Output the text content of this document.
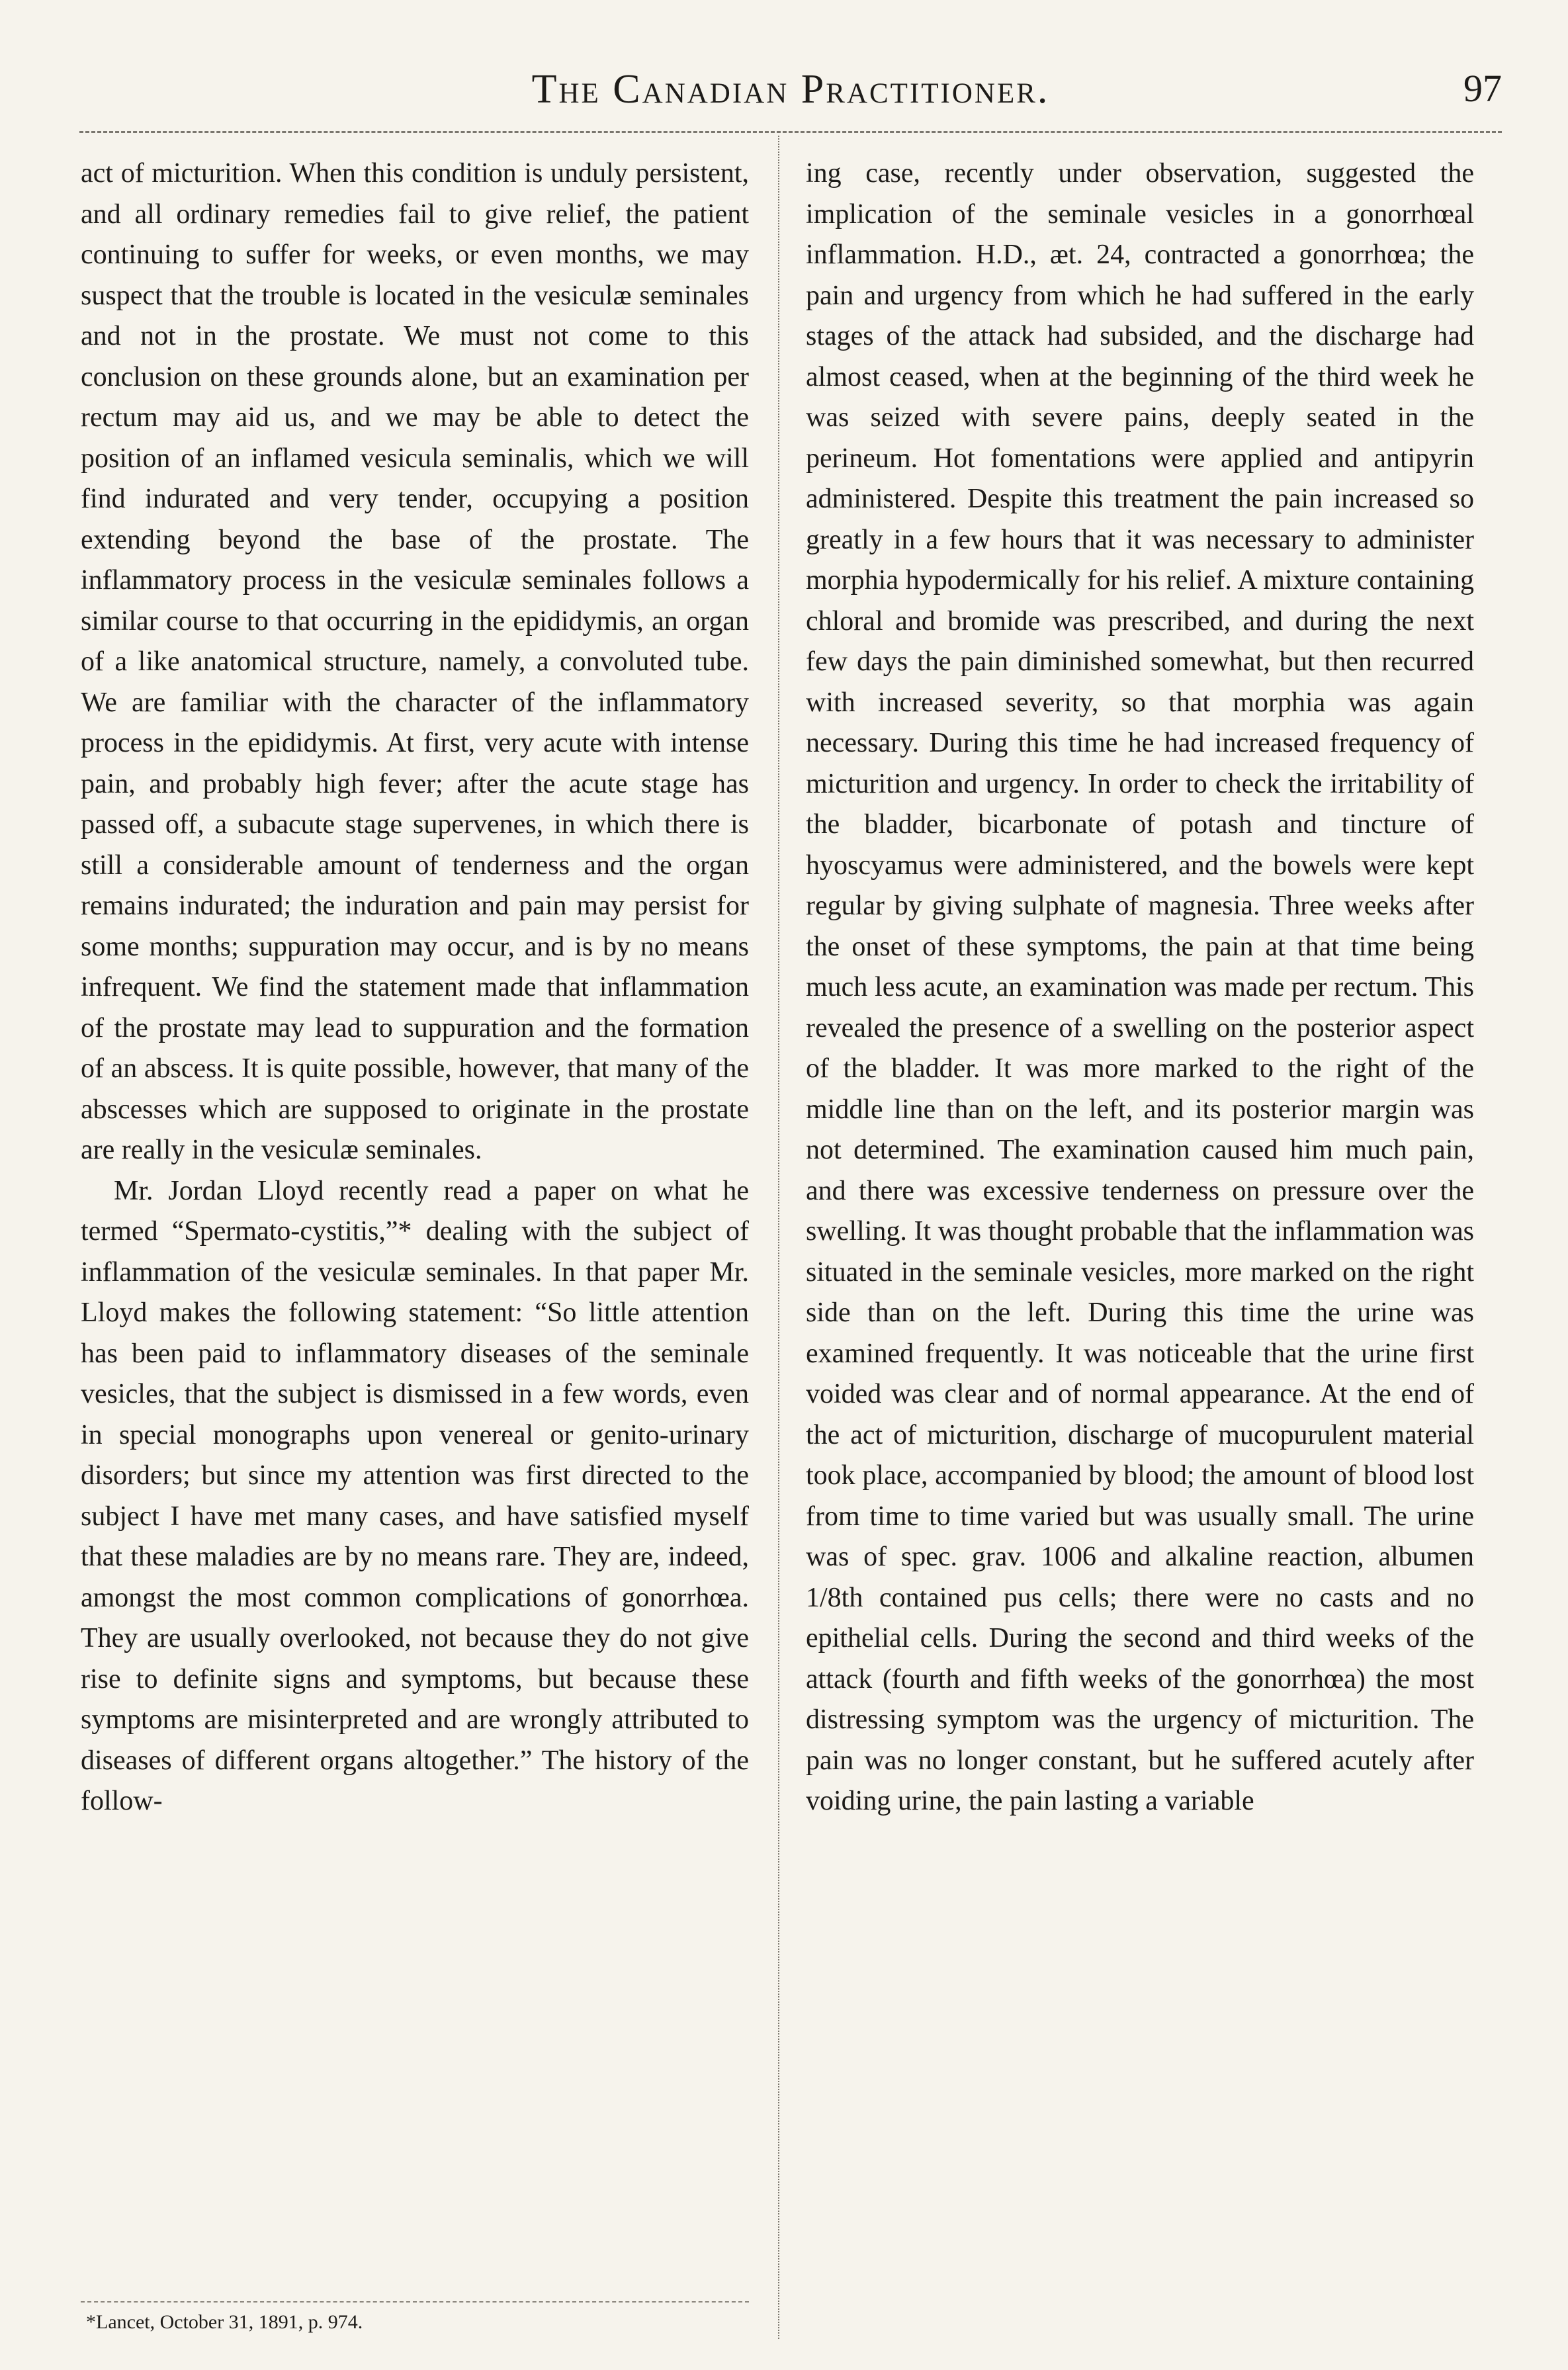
The Canadian Practitioner.	97

act of micturition. When this condition is unduly persistent, and all ordinary remedies fail to give relief, the patient continuing to suffer for weeks, or even months, we may suspect that the trouble is located in the vesiculæ seminales and not in the prostate. We must not come to this conclusion on these grounds alone, but an examination per rectum may aid us, and we may be able to detect the position of an inflamed vesicula seminalis, which we will find indurated and very tender, occupying a position extending beyond the base of the prostate. The inflammatory process in the vesiculæ seminales follows a similar course to that occurring in the epididymis, an organ of a like anatomical structure, namely, a convoluted tube. We are familiar with the character of the inflammatory process in the epididymis. At first, very acute with intense pain, and probably high fever; after the acute stage has passed off, a subacute stage supervenes, in which there is still a considerable amount of tenderness and the organ remains indurated; the induration and pain may persist for some months; suppuration may occur, and is by no means infrequent. We find the statement made that inflammation of the prostate may lead to suppuration and the formation of an abscess. It is quite possible, however, that many of the abscesses which are supposed to originate in the prostate are really in the vesiculæ seminales.

Mr. Jordan Lloyd recently read a paper on what he termed “Spermato-cystitis,”* dealing with the subject of inflammation of the vesiculæ seminales. In that paper Mr. Lloyd makes the following statement: “So little attention has been paid to inflammatory diseases of the seminale vesicles, that the subject is dismissed in a few words, even in special monographs upon venereal or genito-urinary disorders; but since my attention was first directed to the subject I have met many cases, and have satisfied myself that these maladies are by no means rare. They are, indeed, amongst the most common complications of gonorrhœa. They are usually overlooked, not because they do not give rise to definite signs and symptoms, but because these symptoms are misinterpreted and are wrongly attributed to diseases of different organs altogether.” The history of the follow-

ing case, recently under observation, suggested the implication of the seminale vesicles in a gonorrhœal inflammation. H.D., æt. 24, contracted a gonorrhœa; the pain and urgency from which he had suffered in the early stages of the attack had subsided, and the discharge had almost ceased, when at the beginning of the third week he was seized with severe pains, deeply seated in the perineum. Hot fomentations were applied and antipyrin administered. Despite this treatment the pain increased so greatly in a few hours that it was necessary to administer morphia hypodermically for his relief. A mixture containing chloral and bromide was prescribed, and during the next few days the pain diminished somewhat, but then recurred with increased severity, so that morphia was again necessary. During this time he had increased frequency of micturition and urgency. In order to check the irritability of the bladder, bicarbonate of potash and tincture of hyoscyamus were administered, and the bowels were kept regular by giving sulphate of magnesia. Three weeks after the onset of these symptoms, the pain at that time being much less acute, an examination was made per rectum. This revealed the presence of a swelling on the posterior aspect of the bladder. It was more marked to the right of the middle line than on the left, and its posterior margin was not determined. The examination caused him much pain, and there was excessive tenderness on pressure over the swelling. It was thought probable that the inflammation was situated in the seminale vesicles, more marked on the right side than on the left. During this time the urine was examined frequently. It was noticeable that the urine first voided was clear and of normal appearance. At the end of the act of micturition, discharge of mucopurulent material took place, accompanied by blood; the amount of blood lost from time to time varied but was usually small. The urine was of spec. grav. 1006 and alkaline reaction, albumen 1/8th contained pus cells; there were no casts and no epithelial cells. During the second and third weeks of the attack (fourth and fifth weeks of the gonorrhœa) the most distressing symptom was the urgency of micturition. The pain was no longer constant, but he suffered acutely after voiding urine, the pain lasting a variable

*Lancet, October 31, 1891, p. 974.
